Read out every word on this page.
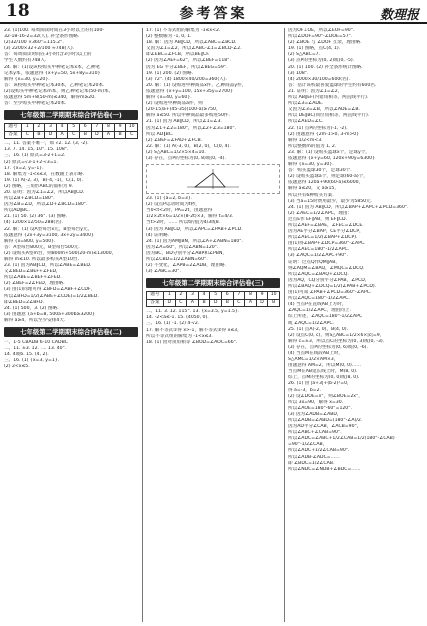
18	参考答案	数理报
23. (1)100. 每周阅读时间在3小时以上的有100-
32-18-16-2=32(人), 补全条形图略.
(2)32/100 ×360°=115.2°.
(3) 2200×32+2/100 ≈748(人).
答：每周阅读时间在3小时(含3小时)以上的
学生人数约有748人.
24. 解：(1)设该校购买甲种笔记本x本，乙种笔
记本y本，依题意得 {x+y=50, 5x+8y=310}
解得 {x=30, y=20}.
答：该校购买甲种笔记本30本，乙种笔记本20本.
(2)设购买甲种笔记本m本，则乙种笔记本(50-m)本，
依题意得 5m+8(50-m)≤340，解得m≥20.
答：至少购买甲种笔记本20本.
七年级第二学期期末综合评估卷(一)
题号	1	2	3	4	5	6	7	8	9	10
答案	C	B	D	A	C	B	D	A	B	C
二、11. 答案不唯一，如 √2. 12. (3, -2).
13. 7. 14. 15, 10°. 15. 108°.
三、16. (1) 原式=3-2+1=2.
(2) 原式=√3-1+2-√3=1.
17. {x=2, y=-1}.
18. 解集为 -1<x≤3，在数轴上表示略.
19. (1) A(-2, 3)，B(-4, -1)，C(1, 0).
(2) 图略，三角形ABC的面积为 9.
20. 证明：因为∠1=∠2，所以AB∥CD.
所以∠B+∠BCD=180°.
因为∠B=∠D，所以∠D+∠BCD=180°.
所以AD∥BC.
21. (1) 50. (2) 36°. (3) 图略.
(4) 1200×12/50=288(名).
22. 解：(1) 设A型每台x元，B型每台y元，
依题意得 {2x+3y=3100, 3x+2y=3400}
解得 {x=800, y=500}.
答：A型每台800元，B型每台500元.
(2) 设购买A型m台，则800m+500(20-m)≤13000，
解得 m≤10. 所以最多购买A型10台.
23. (1) 因为AB∥CD，所以∠ABE=∠BED.
又∠BED=∠BEF+∠FED，
所以∠ABE=∠BEF+∠FED.
(2) ∠BEF=2∠FED，理由略.
(3) 由(1)同理可得 ∠BFD=∠ABF+∠CDF，
所以∠BFD=1/2(∠ABE+∠CDE)=1/2∠BED.
即∠BED=2∠BFD.
24. (1) 500，3. (2) 图略.
(3) 由题意 {a+b=8, 500a+300b≥3200}
解得 a≥4，所以至少安排4天.
七年级第二学期期末综合评估卷(二)
一、1-5 CBADB 6-10 CADBC
二、11. ±3. 12. 二. 13. 40°.
14. 4或6. 15. (4, 2).
三、16. (1) {x=3, y=1}.
(2) 2<x≤5.
17. (1) 不等式组的解集为 -1≤x<2.
(2) 整数解为 -1, 0, 1.
18. 解：因为 AB∥CD，所以∠ABC=∠BCD.
又因为∠1=∠2，所以∠ABC-∠1=∠BCD-∠2.
即∠EBC=∠FCB，所以BE∥CF.
(2) 因为∠AEF=62°，所以∠BEF=118°.
因为 EG 平分∠BEF，所以∠BEG=59°.
19. (1) 200. (2) 图略.
(3) 72°. (4) 1800×40/200=360(人).
20. 解：(1) 设购进甲种商品x件，乙种商品y件，
依题意得 {x+y=100, 15x+35y=2700}
解得 {x=40, y=60}.
(2) 设购进甲种商品a件，则
(20-15)a+(45-35)(100-a)≥750，
解得 a≤50. 所以甲种商品最多购进50件.
21. (1) 因为 AB∥CD，所以∠1=∠3.
因为∠1+∠2=180°，所以∠2+∠3=180°.
所以 AD∥BC.
(2) ∠BEF=∠FAD+∠FCB.
22. 解：(1) A(-3, 0)，B(2, 0)，C(0, 4).
(2) S△ABC=1/2×5×4=10.
(3) 存在，点P的坐标为(0, 8)或(0, -4).
23. (1) {a=2, b=3}.
(2) 设点P运动时间为t秒，
当0<t<2时，PA=2t，由题意得
1/2×2t×6=1/2×(8-2t)×3，解得 t=4/3.
当t>2时，…… 所以t的值为4/3或8.
(3) 因为 AB∥CD，所以∠APC=∠PAB+∠PCD.
(4) 证明略.
24. (1) 因为AM∥BN，所以∠A+∠ABN=180°.
因为∠A=60°，所以∠ABN=120°.
因为BC，BD分别平分∠ABP和∠PBN，
所以∠CBD=1/2∠ABN=60°.
(2) 不变化，∠APB=2∠ADB，理由略.
(3) ∠ABC=30°.
七年级第二学期期末综合评估卷(三)
题号	1	2	3	4	5	6	7	8	9	10
答案	D	C	A	B	D	B	C	A	D	B
二、11. 3. 12. 115°. 13. {x=3.5, y=1.5}.
14. -2<a≤-1. 15. (4050, 0).
三、16. (1) -1. (2) 4-√2.
17. 解不等式①得 x>-1，解不等式②得 x≤3，
所以不等式组的解集为 -1<x≤3.
18. (1) 由对顶角相等 ∠BOD=∠AOC=66°.
因为OF⊥OE，所以∠EOF=90°.
所以∠DOF=90°-∠DOE=57°.
(2) ∠BOE 与 ∠DOF 互余，理由略.
19. (1) 图略，点C(4, 1).
(2) S△ABC=7.
(3) 点P的坐标为(0, 2)或(0, -5).
20. (1) 100. (2) 补全条形统计图略.
(3) 108°.
(4) 2000×30/100=600(名).
答：估计该校最喜爱篮球的学生约有600名.
21. 证明：因为∠1=∠2，
所以 AB∥EF(内错角相等，两直线平行).
所以∠3=∠ADE.
又因为∠3=∠B，所以∠ADE=∠B.
所以 DE∥BC(同位角相等，两直线平行).
所以∠AED=∠C.
22. (1) 点P的坐标为(-1, -2).
(2) 由题意得 {2m-1>0, 3-m>0}
解得 1/2<m<3.
所以整数m的值为 1, 2.
23. 解：(1) 设购买篮球x个，足球y个，
依题意得 {x+y=60, 120x+90y=6300}
解得 {x=30, y=30}.
答：购买篮球30个，足球30个.
(2) 设购买篮球a个，则足球(60-a)个，
依题意得 120a+90(60-a)≤6000，
解得 a≤20，又 a≥15，
所以共有6种购买方案.
(3) 当a=15时费用最少，最少为5850元.
24. (1) 因为 AB∥CD，所以∠BAP+∠APC+∠PCD=360°.
(2) ∠AEC=1/2∠APC，理由：
过点E作 EF∥AB，则 EF∥CD.
所以∠AEF=∠BAE，∠FEC=∠DCE.
因为AE平分∠BAP，CE平分∠DCP，
所以∠AEC=1/2(∠BAP+∠DCP).
由(1)得∠BAP+∠DCP=360°-∠APC.
所以∠AEC=180°-1/2∠APC.
(3) ∠AQC=1/2∠APC+90°.
证明：过点Q作QM∥AB，
则∠AQM=∠BAQ，∠MQC=∠DCQ.
所以∠AQC=∠BAQ+∠DCQ.
因为AQ，CQ分别平分∠PAB，∠PCD，
所以∠BAQ+∠DCQ=1/2(∠PAB+∠PCD).
由(1)可知 ∠PAB+∠PCD=360°-∠APC.
所以∠AQC=180°-1/2∠APC.
(4) 当点P在直线AB上方时，
∠AQC=1/2∠APC，理由同上.
综上所述，∠AQC=180°-1/2∠APC
或 ∠AQC=1/2∠APC.
25. (1) 点A(-2, 0)，B(4, 0).
(2) 设点C(0, c)，则S△ABC=1/2×6×|c|=9，
解得 c=±3，所以点C的坐标为(0, 3)或(0, -3).
(3) 存在，点P的坐标为(0, 6)或(0, -6).
(4) 当点M在线段AB上时，
S△AMC=1/2×AM×3，
由题意得 AM=2，所以M(0, 0)……
当点M在AB延长线上时，M(8, 0).
综上，点M的坐标为(0, 0)或(8, 0).
26. (1) 由 |a+3|+(b-2)²=0，
得 a=-3，b=2.
(2) 设∠DOE=x°，则∠BOE=2x°，
所以 3x=90，解得 x=30.
所以∠AOE=180°-60°=120°.
(3) 因为∠ADB=∠ABD，
所以∠ADB=∠ABD=(180°-∠A)/2.
因为AD平分∠CAB，∠ACB=90°，
所以∠ABC+∠CAB=90°.
所以∠ADC=∠ABC+1/2∠CAB=1/2(180°-∠CAB)
=90°-1/2∠CAB，
所以∠ADC+1/2∠CAB=90°.
所以∠ADB-∠ADC=……
即 ∠BDC=1/2∠CAB.
所以∠NDC=∠NDB+∠BDC=……
